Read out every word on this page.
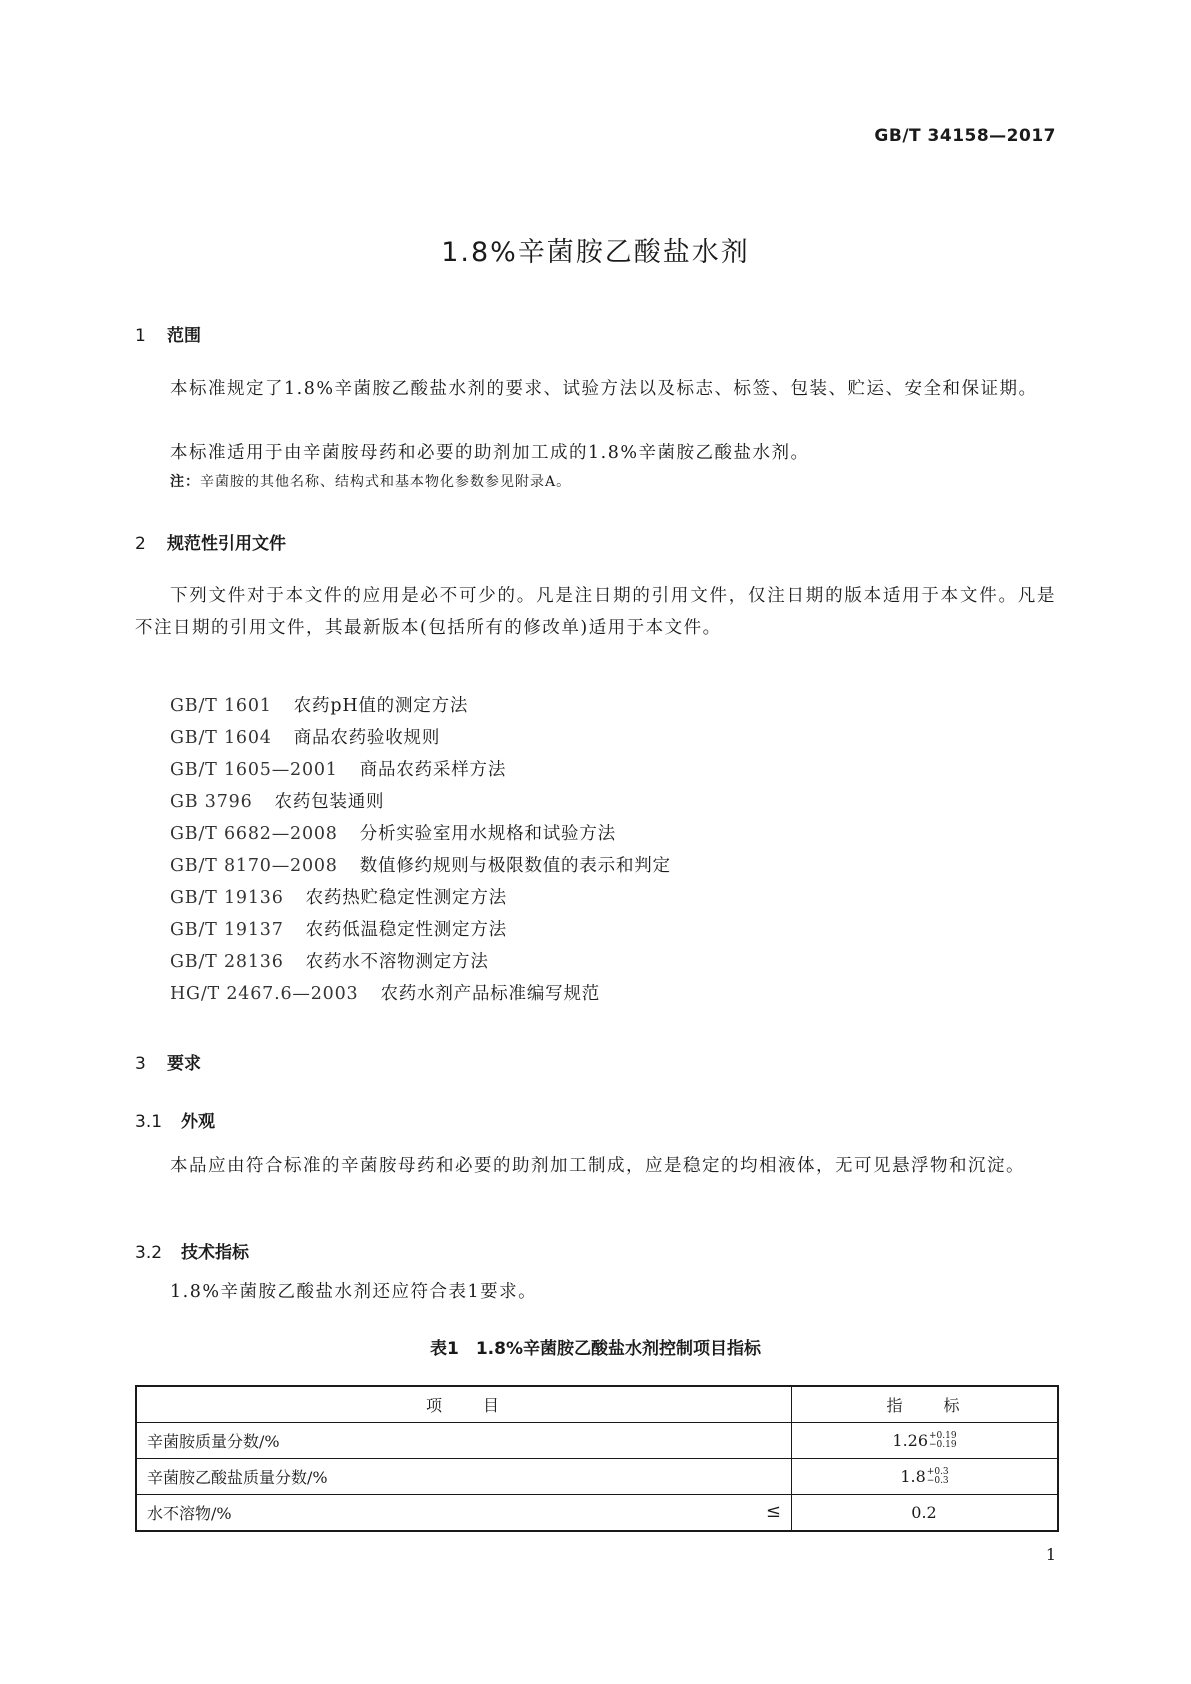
GB/T 34158—2017
1.8%辛菌胺乙酸盐水剂
1 范围
本标准规定了1.8%辛菌胺乙酸盐水剂的要求、试验方法以及标志、标签、包装、贮运、安全和保证期。
本标准适用于由辛菌胺母药和必要的助剂加工成的1.8%辛菌胺乙酸盐水剂。
注：辛菌胺的其他名称、结构式和基本物化参数参见附录A。
2 规范性引用文件
下列文件对于本文件的应用是必不可少的。凡是注日期的引用文件，仅注日期的版本适用于本文件。凡是不注日期的引用文件，其最新版本(包括所有的修改单)适用于本文件。
GB/T 1601 农药pH值的测定方法
GB/T 1604 商品农药验收规则
GB/T 1605—2001 商品农药采样方法
GB 3796 农药包装通则
GB/T 6682—2008 分析实验室用水规格和试验方法
GB/T 8170—2008 数值修约规则与极限数值的表示和判定
GB/T 19136 农药热贮稳定性测定方法
GB/T 19137 农药低温稳定性测定方法
GB/T 28136 农药水不溶物测定方法
HG/T 2467.6—2003 农药水剂产品标准编写规范
3 要求
3.1 外观
本品应由符合标准的辛菌胺母药和必要的助剂加工制成，应是稳定的均相液体，无可见悬浮物和沉淀。
3.2 技术指标
1.8%辛菌胺乙酸盐水剂还应符合表1要求。
表1　1.8%辛菌胺乙酸盐水剂控制项目指标
项　　目	指　　标
辛菌胺质量分数/%	1.26 +0.19
−0.19

辛菌胺乙酸盐质量分数/%	1.8 +0.3
−0.3

水不溶物/% ≤	0.2
1
